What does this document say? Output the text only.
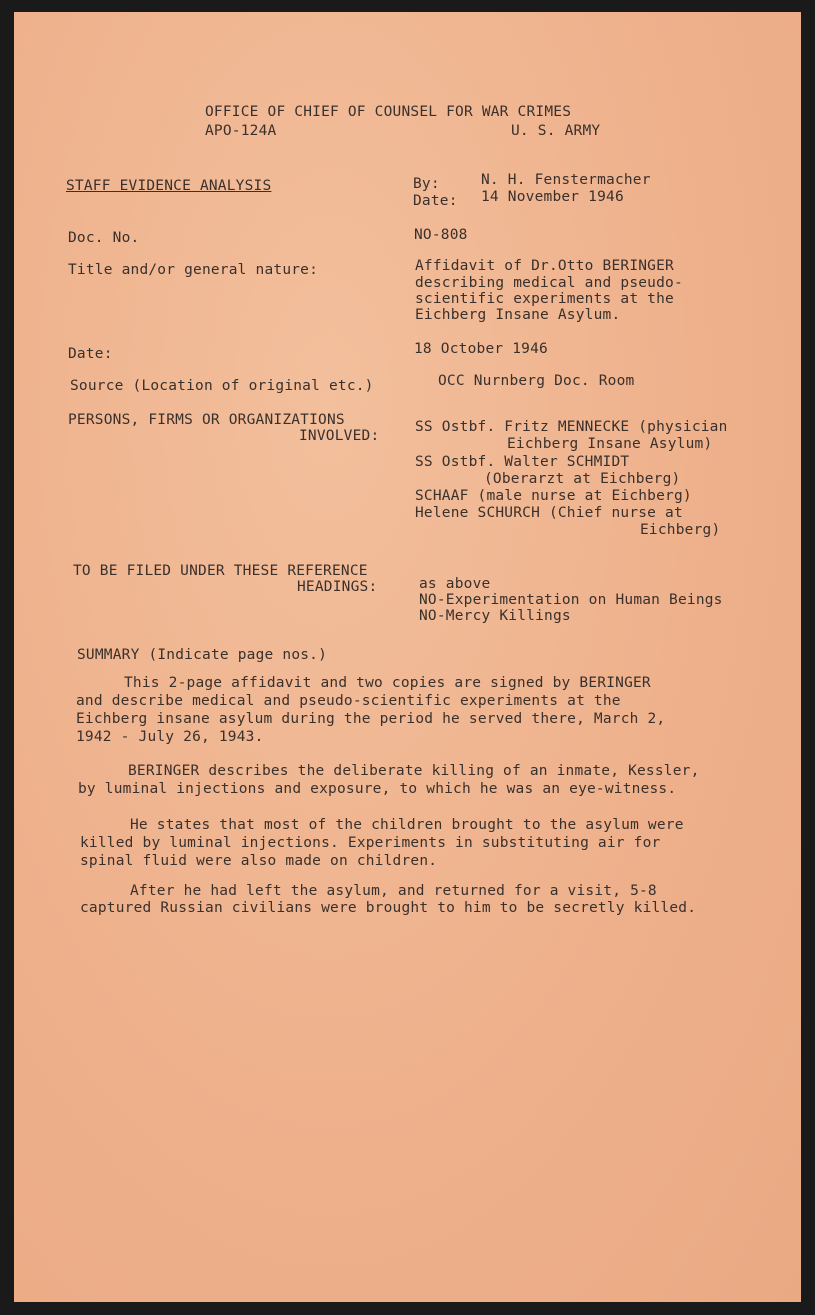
OFFICE OF CHIEF OF COUNSEL FOR WAR CRIMES
APO-124A	U. S. ARMY
STAFF EVIDENCE ANALYSIS	By:	N. H. Fenstermacher
Date: 14 November 1946
Doc. No.	NO-808
Title and/or general nature:	Affidavit of Dr.Otto BERINGER
describing medical and pseudo-
scientific experiments at the
Eichberg Insane Asylum.
Date:	18 October 1946
Source (Location of original etc.)	OCC Nurnberg Doc. Room
PERSONS, FIRMS OR ORGANIZATIONS
INVOLVED:
SS Ostbf. Fritz MENNECKE (physician
Eichberg Insane Asylum)
SS Ostbf. Walter SCHMIDT
(Oberarzt at Eichberg)
SCHAAF (male nurse at Eichberg)
Helene SCHURCH (Chief nurse at
Eichberg)
TO BE FILED UNDER THESE REFERENCE
HEADINGS:	as above
NO-Experimentation on Human Beings
NO-Mercy Killings
SUMMARY (Indicate page nos.)
This 2-page affidavit and two copies are signed by BERINGER
and describe medical and pseudo-scientific experiments at the
Eichberg insane asylum during the period he served there, March 2,
1942 - July 26, 1943.
BERINGER describes the deliberate killing of an inmate, Kessler,
by luminal injections and exposure, to which he was an eye-witness.
He states that most of the children brought to the asylum were
killed by luminal injections. Experiments in substituting air for
spinal fluid were also made on children.
After he had left the asylum, and returned for a visit, 5-8
captured Russian civilians were brought to him to be secretly killed.
